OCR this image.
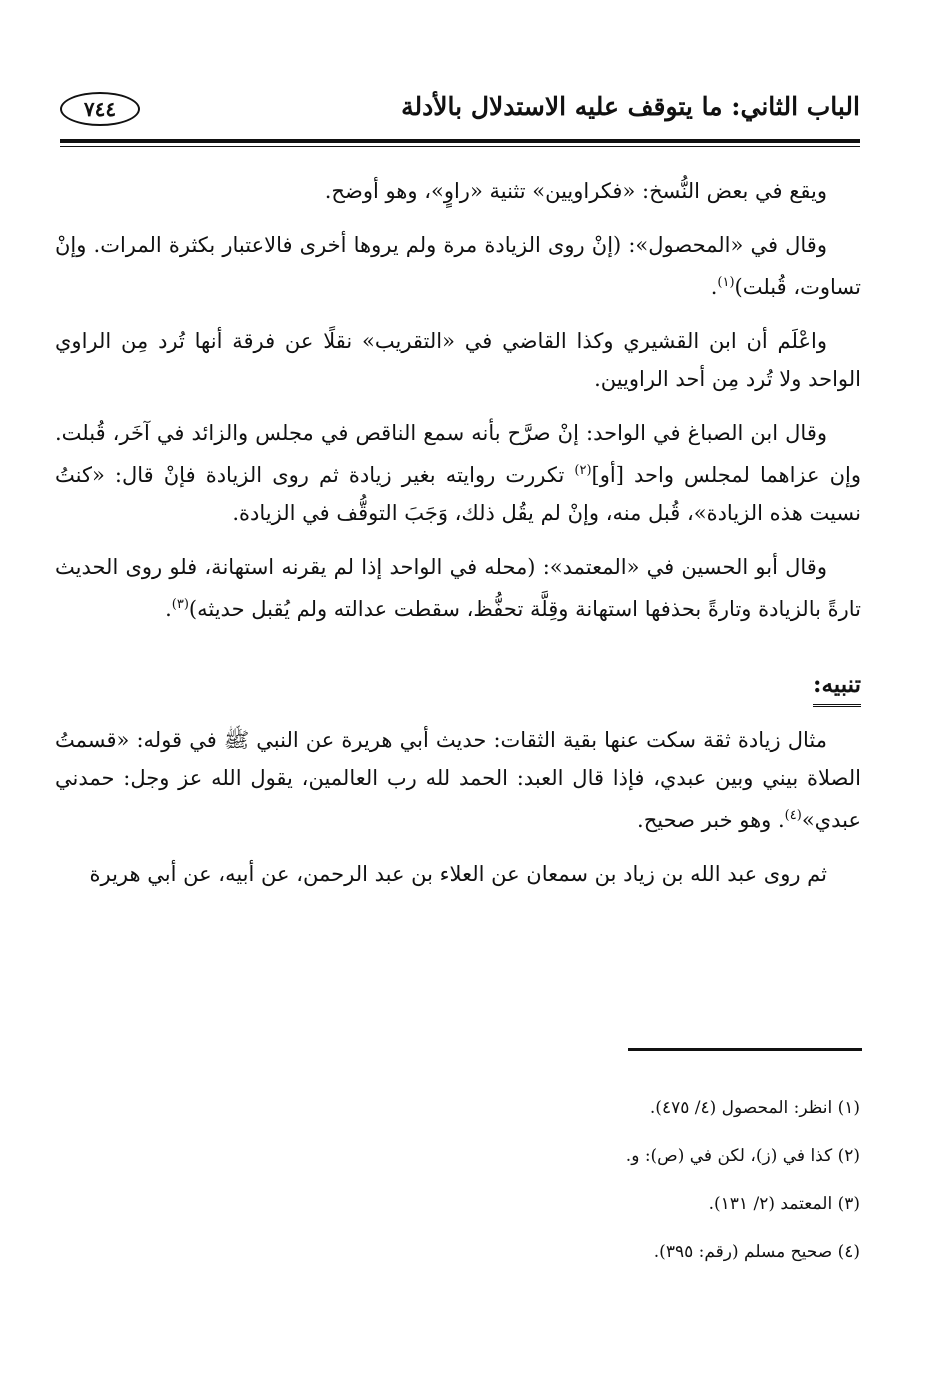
الباب الثاني: ما يتوقف عليه الاستدلال بالأدلة
٧٤٤

ويقع في بعض النُّسخ: «فكراويين» تثنية «راوٍ»، وهو أوضح.

وقال في «المحصول»: (إنْ روى الزيادة مرة ولم يروها أخرى فالاعتبار بكثرة المرات. وإنْ تساوت، قُبلت)$^{(١)}$.

واعْلَم أن ابن القشيري وكذا القاضي في «التقريب» نقلًا عن فرقة أنها تُرد مِن الراوي الواحد ولا تُرد مِن أحد الراويين.

وقال ابن الصباغ في الواحد: إنْ صرَّح بأنه سمع الناقص في مجلس والزائد في آخَر، قُبلت. وإن عزاهما لمجلس واحد [أو]$^{(٢)}$ تكررت روايته بغير زيادة ثم روى الزيادة فإنْ قال: «كنتُ نسيت هذه الزيادة»، قُبل منه، وإنْ لم يقُل ذلك، وَجَبَ التوقُّف في الزيادة.

وقال أبو الحسين في «المعتمد»: (محله في الواحد إذا لم يقرنه استهانة، فلو روى الحديث تارةً بالزيادة وتارةً بحذفها استهانة وقِلَّة تحفُّظ، سقطت عدالته ولم يُقبل حديثه)$^{(٣)}$.

تنبيه:

مثال زيادة ثقة سكت عنها بقية الثقات: حديث أبي هريرة عن النبي ﷺ في قوله: «قسمتُ الصلاة بيني وبين عبدي، فإذا قال العبد: الحمد لله رب العالمين، يقول الله عز وجل: حمدني عبدي»$^{(٤)}$. وهو خبر صحيح.

ثم روى عبد الله بن زياد بن سمعان عن العلاء بن عبد الرحمن، عن أبيه، عن أبي هريرة

(١) انظر: المحصول (٤/ ٤٧٥).

(٢) كذا في (ز)، لكن في (ص): و.

(٣) المعتمد (٢/ ١٣١).

(٤) صحيح مسلم (رقم: ٣٩٥).
